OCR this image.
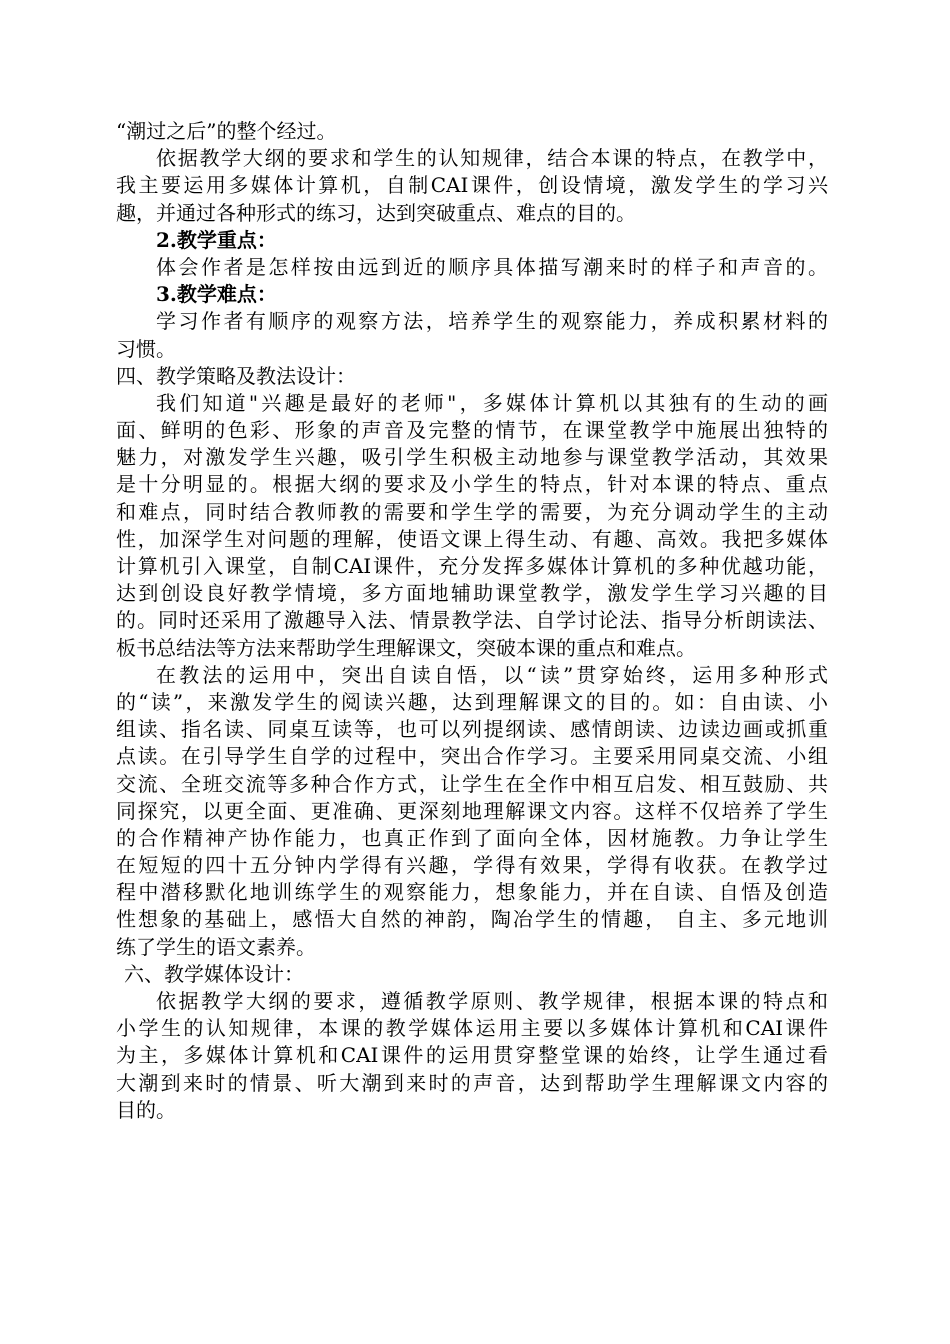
“潮过之后”的整个经过。
依据教学大纲的要求和学生的认知规律，结合本课的特点，在教学中，
我主要运用多媒体计算机，自制CAI课件，创设情境，激发学生的学习兴
趣，并通过各种形式的练习，达到突破重点、难点的目的。
2.教学重点：
体会作者是怎样按由远到近的顺序具体描写潮来时的样子和声音的。
3.教学难点：
学习作者有顺序的观察方法，培养学生的观察能力，养成积累材料的
习惯。
四、教学策略及教法设计：
我们知道"兴趣是最好的老师"，多媒体计算机以其独有的生动的画
面、鲜明的色彩、形象的声音及完整的情节，在课堂教学中施展出独特的
魅力，对激发学生兴趣，吸引学生积极主动地参与课堂教学活动，其效果
是十分明显的。根据大纲的要求及小学生的特点，针对本课的特点、重点
和难点，同时结合教师教的需要和学生学的需要，为充分调动学生的主动
性，加深学生对问题的理解，使语文课上得生动、有趣、高效。我把多媒体
计算机引入课堂，自制CAI课件，充分发挥多媒体计算机的多种优越功能，
达到创设良好教学情境，多方面地辅助课堂教学，激发学生学习兴趣的目
的。同时还采用了激趣导入法、情景教学法、自学讨论法、指导分析朗读法、
板书总结法等方法来帮助学生理解课文，突破本课的重点和难点。
在教法的运用中，突出自读自悟，以“读”贯穿始终，运用多种形式
的“读”，来激发学生的阅读兴趣，达到理解课文的目的。如：自由读、小
组读、指名读、同桌互读等，也可以列提纲读、感情朗读、边读边画或抓重
点读。在引导学生自学的过程中，突出合作学习。主要采用同桌交流、小组
交流、全班交流等多种合作方式，让学生在全作中相互启发、相互鼓励、共
同探究，以更全面、更准确、更深刻地理解课文内容。这样不仅培养了学生
的合作精神产协作能力，也真正作到了面向全体，因材施教。力争让学生
在短短的四十五分钟内学得有兴趣，学得有效果，学得有收获。在教学过
程中潜移默化地训练学生的观察能力，想象能力，并在自读、自悟及创造
性想象的基础上，感悟大自然的神韵，陶冶学生的情趣， 自主、多元地训
练了学生的语文素养。
六、教学媒体设计：
依据教学大纲的要求，遵循教学原则、教学规律，根据本课的特点和
小学生的认知规律，本课的教学媒体运用主要以多媒体计算机和CAI课件
为主，多媒体计算机和CAI课件的运用贯穿整堂课的始终，让学生通过看
大潮到来时的情景、听大潮到来时的声音，达到帮助学生理解课文内容的
目的。
